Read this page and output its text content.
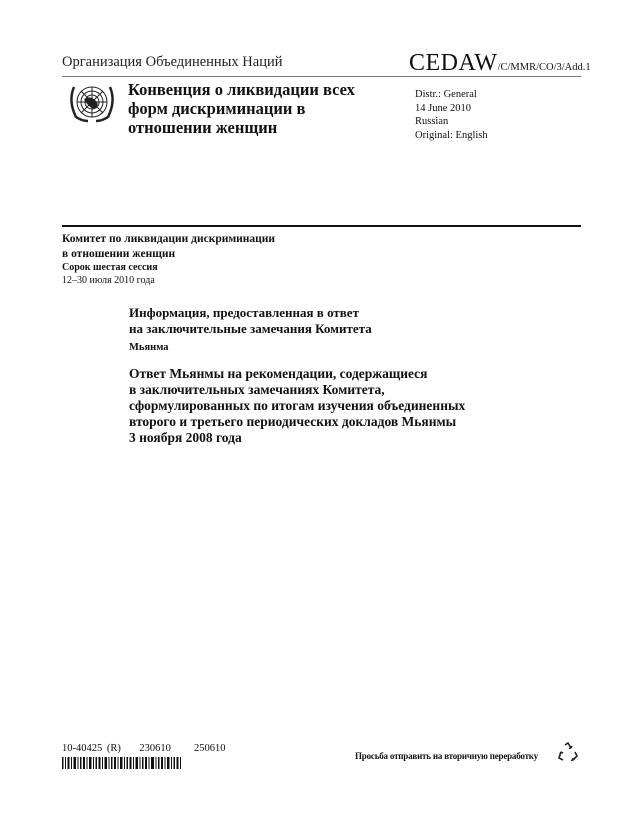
Организация Объединенных Наций	CEDAW/C/MMR/CO/3/Add.1
Конвенция о ликвидации всех
форм дискриминации в
отношении женщин
Distr.: General
14 June 2010
Russian
Original: English
Комитет по ликвидации дискриминации
в отношении женщин
Сорок шестая сессия
12–30 июля 2010 года
Информация, предоставленная в ответ
на заключительные замечания Комитета
Мьянма
Ответ Мьянмы на рекомендации, содержащиеся
в заключительных замечаниях Комитета,
сформулированных по итогам изучения объединенных
второго и третьего периодических докладов Мьянмы
3 ноября 2008 года
10-40425 (R) 230610 250610
Просьба отправить на вторичную переработку
